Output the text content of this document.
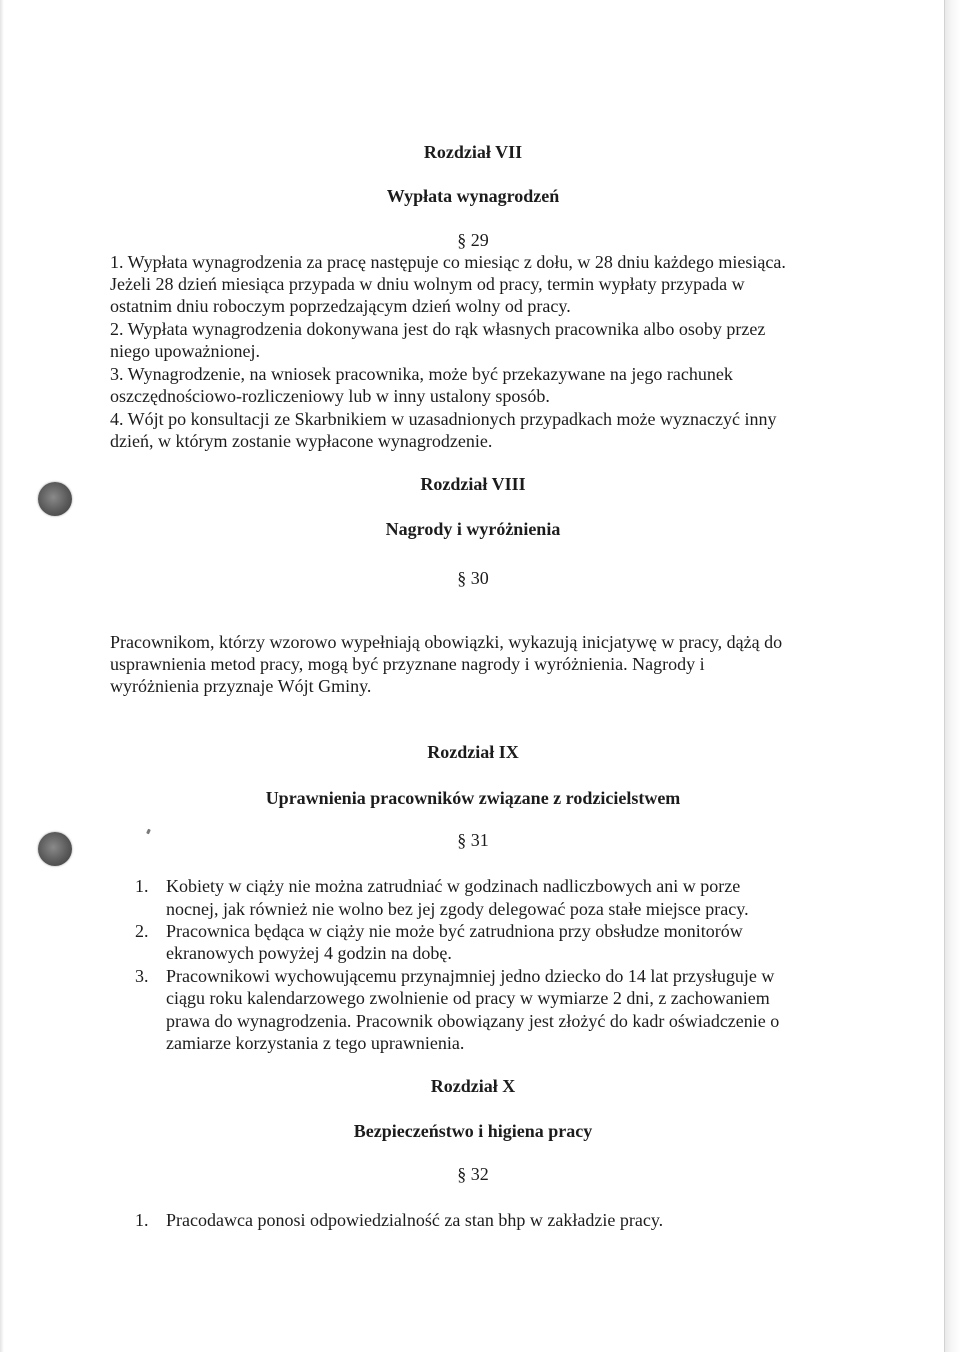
Rozdział VII
Wypłata wynagrodzeń
§ 29
1. Wypłata wynagrodzenia za pracę następuje co miesiąc z dołu, w 28 dniu każdego miesiąca.
Jeżeli 28 dzień miesiąca przypada w dniu wolnym od pracy, termin wypłaty przypada w
ostatnim dniu roboczym poprzedzającym dzień wolny od pracy.
2. Wypłata wynagrodzenia dokonywana jest do rąk własnych pracownika albo osoby przez
niego upoważnionej.
3. Wynagrodzenie, na wniosek pracownika, może być przekazywane na jego rachunek
oszczędnościowo-rozliczeniowy lub w inny ustalony sposób.
4. Wójt po konsultacji ze Skarbnikiem w uzasadnionych przypadkach może wyznaczyć inny
dzień, w którym zostanie wypłacone wynagrodzenie.
Rozdział VIII
Nagrody i wyróżnienia
§ 30
Pracownikom, którzy wzorowo wypełniają obowiązki, wykazują inicjatywę w pracy, dążą do
usprawnienia metod pracy, mogą być przyznane nagrody i wyróżnienia. Nagrody i
wyróżnienia przyznaje Wójt Gminy.
Rozdział IX
Uprawnienia pracowników związane z rodzicielstwem
§ 31
1. Kobiety w ciąży nie można zatrudniać w godzinach nadliczbowych ani w porze
nocnej, jak również nie wolno bez jej zgody delegować poza stałe miejsce pracy.
2. Pracownica będąca w ciąży nie może być zatrudniona przy obsłudze monitorów
ekranowych powyżej 4 godzin na dobę.
3. Pracownikowi wychowującemu przynajmniej jedno dziecko do 14 lat przysługuje w
ciągu roku kalendarzowego zwolnienie od pracy w wymiarze 2 dni, z zachowaniem
prawa do wynagrodzenia. Pracownik obowiązany jest złożyć do kadr oświadczenie o
zamiarze korzystania z tego uprawnienia.
Rozdział X
Bezpieczeństwo i higiena pracy
§ 32
1. Pracodawca ponosi odpowiedzialność za stan bhp w zakładzie pracy.
